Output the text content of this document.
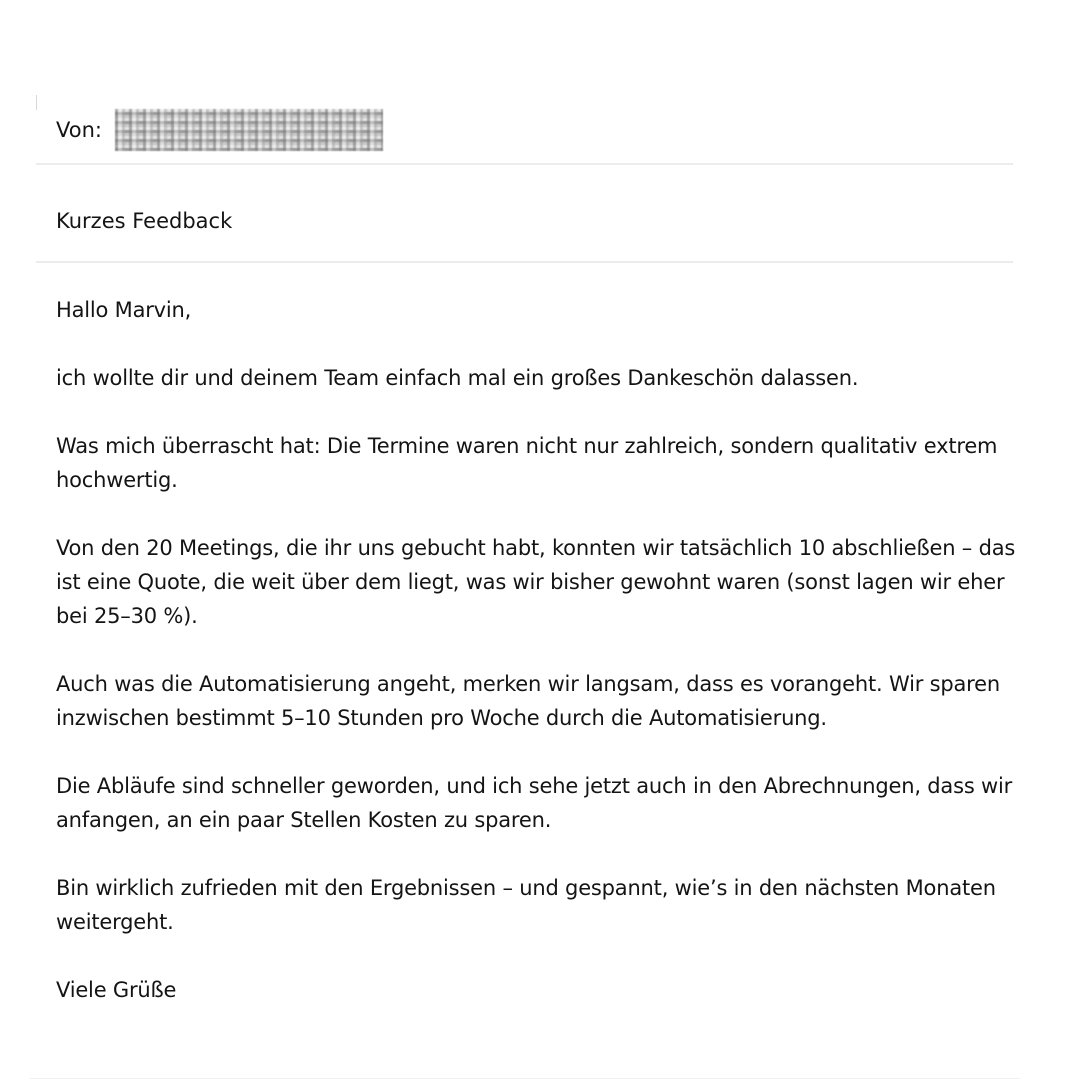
Von:
Kurzes Feedback

Hallo Marvin,

ich wollte dir und deinem Team einfach mal ein großes Dankeschön dalassen.

Was mich überrascht hat: Die Termine waren nicht nur zahlreich, sondern qualitativ extrem hochwertig.

Von den 20 Meetings, die ihr uns gebucht habt, konnten wir tatsächlich 10 abschließen – das ist eine Quote, die weit über dem liegt, was wir bisher gewohnt waren (sonst lagen wir eher bei 25–30 %).

Auch was die Automatisierung angeht, merken wir langsam, dass es vorangeht. Wir sparen inzwischen bestimmt 5–10 Stunden pro Woche durch die Automatisierung.

Die Abläufe sind schneller geworden, und ich sehe jetzt auch in den Abrechnungen, dass wir anfangen, an ein paar Stellen Kosten zu sparen.

Bin wirklich zufrieden mit den Ergebnissen – und gespannt, wie’s in den nächsten Monaten weitergeht.

Viele Grüße
